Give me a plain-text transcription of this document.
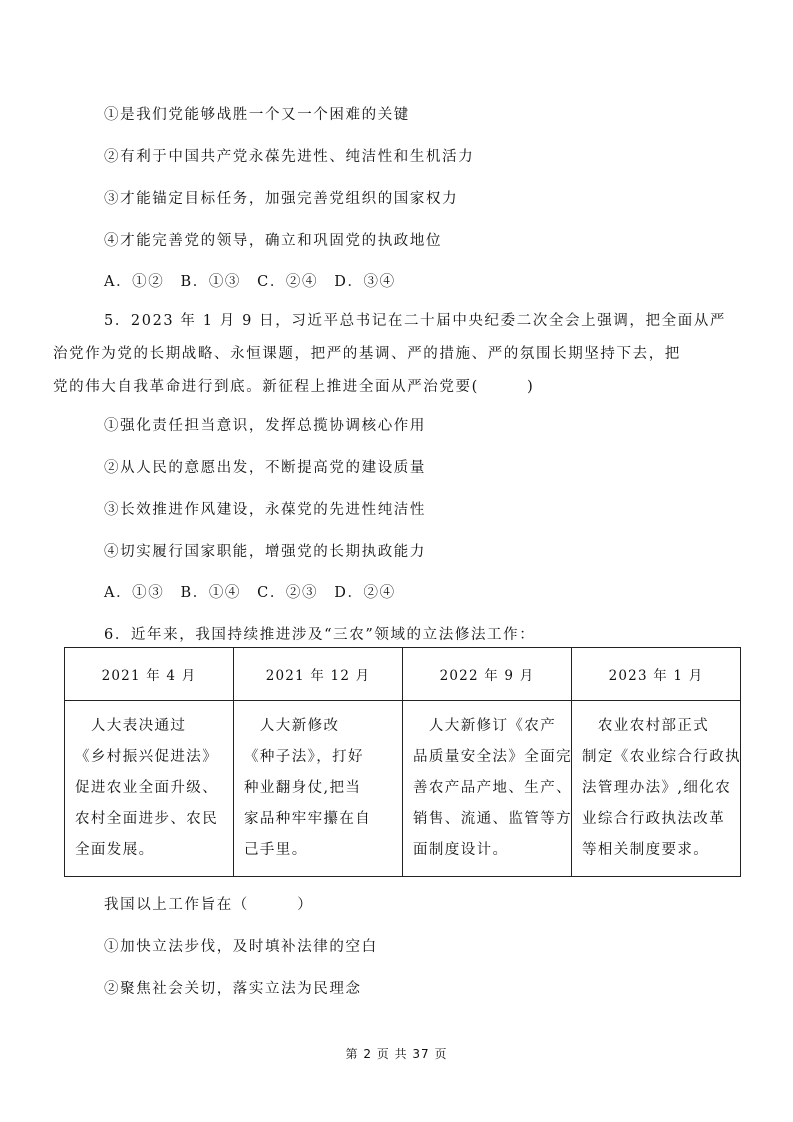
①是我们党能够战胜一个又一个困难的关键

②有利于中国共产党永葆先进性、纯洁性和生机活力

③才能锚定目标任务，加强完善党组织的国家权力

④才能完善党的领导，确立和巩固党的执政地位

A．①②　B．①③　C．②④　D．③④

5．2023 年 1 月 9 日，习近平总书记在二十届中央纪委二次全会上强调，把全面从严

治党作为党的长期战略、永恒课题，把严的基调、严的措施、严的氛围长期坚持下去，把

党的伟大自我革命进行到底。新征程上推进全面从严治党要(　　　)

①强化责任担当意识，发挥总揽协调核心作用

②从人民的意愿出发，不断提高党的建设质量

③长效推进作风建设，永葆党的先进性纯洁性

④切实履行国家职能，增强党的长期执政能力

A．①③　B．①④　C．②③　D．②④

6．近年来，我国持续推进涉及“三农”领域的立法修法工作：

2021 年 4 月	2021 年 12 月	2022 年 9 月	2023 年 1 月

　人大表决通过
《乡村振兴促进法》
促进农业全面升级、
农村全面进步、农民
全面发展。	　人大新修改
《种子法》，打好
种业翻身仗,把当
家品种牢牢攥在自
己手里。	　人大新修订《农产
品质量安全法》全面完
善农产品产地、生产、
销售、流通、监管等方
面制度设计。	　农业农村部正式
制定《农业综合行政执
法管理办法》,细化农
业综合行政执法改革
等相关制度要求。

我国以上工作旨在（　　　）

①加快立法步伐，及时填补法律的空白

②聚焦社会关切，落实立法为民理念

第 2 页 共 37 页
